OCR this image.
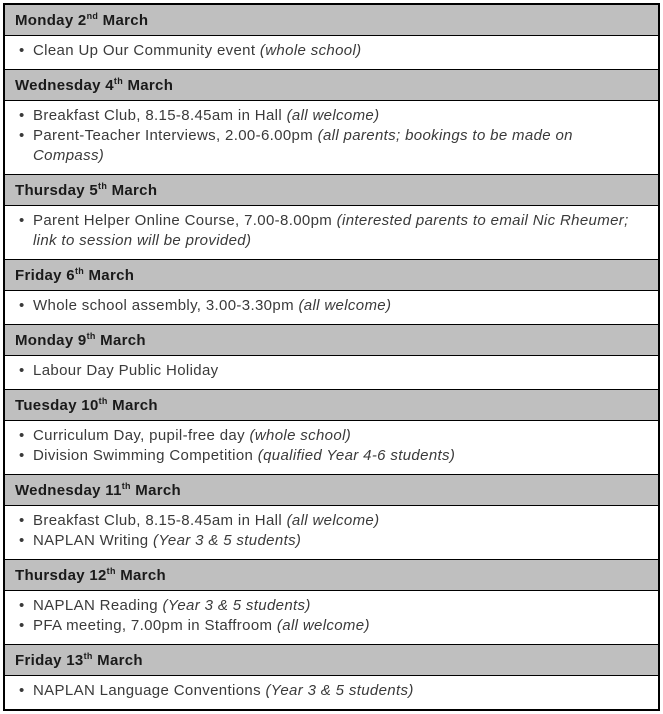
Monday 2nd March
• Clean Up Our Community event (whole school)
Wednesday 4th March
• Breakfast Club, 8.15-8.45am in Hall (all welcome)
• Parent-Teacher Interviews, 2.00-6.00pm (all parents; bookings to be made on Compass)
Thursday 5th March
• Parent Helper Online Course, 7.00-8.00pm (interested parents to email Nic Rheumer; link to session will be provided)
Friday 6th March
• Whole school assembly, 3.00-3.30pm (all welcome)
Monday 9th March
• Labour Day Public Holiday
Tuesday 10th March
• Curriculum Day, pupil-free day (whole school)
• Division Swimming Competition (qualified Year 4-6 students)
Wednesday 11th March
• Breakfast Club, 8.15-8.45am in Hall (all welcome)
• NAPLAN Writing (Year 3 & 5 students)
Thursday 12th March
• NAPLAN Reading (Year 3 & 5 students)
• PFA meeting, 7.00pm in Staffroom (all welcome)
Friday 13th March
• NAPLAN Language Conventions (Year 3 & 5 students)
